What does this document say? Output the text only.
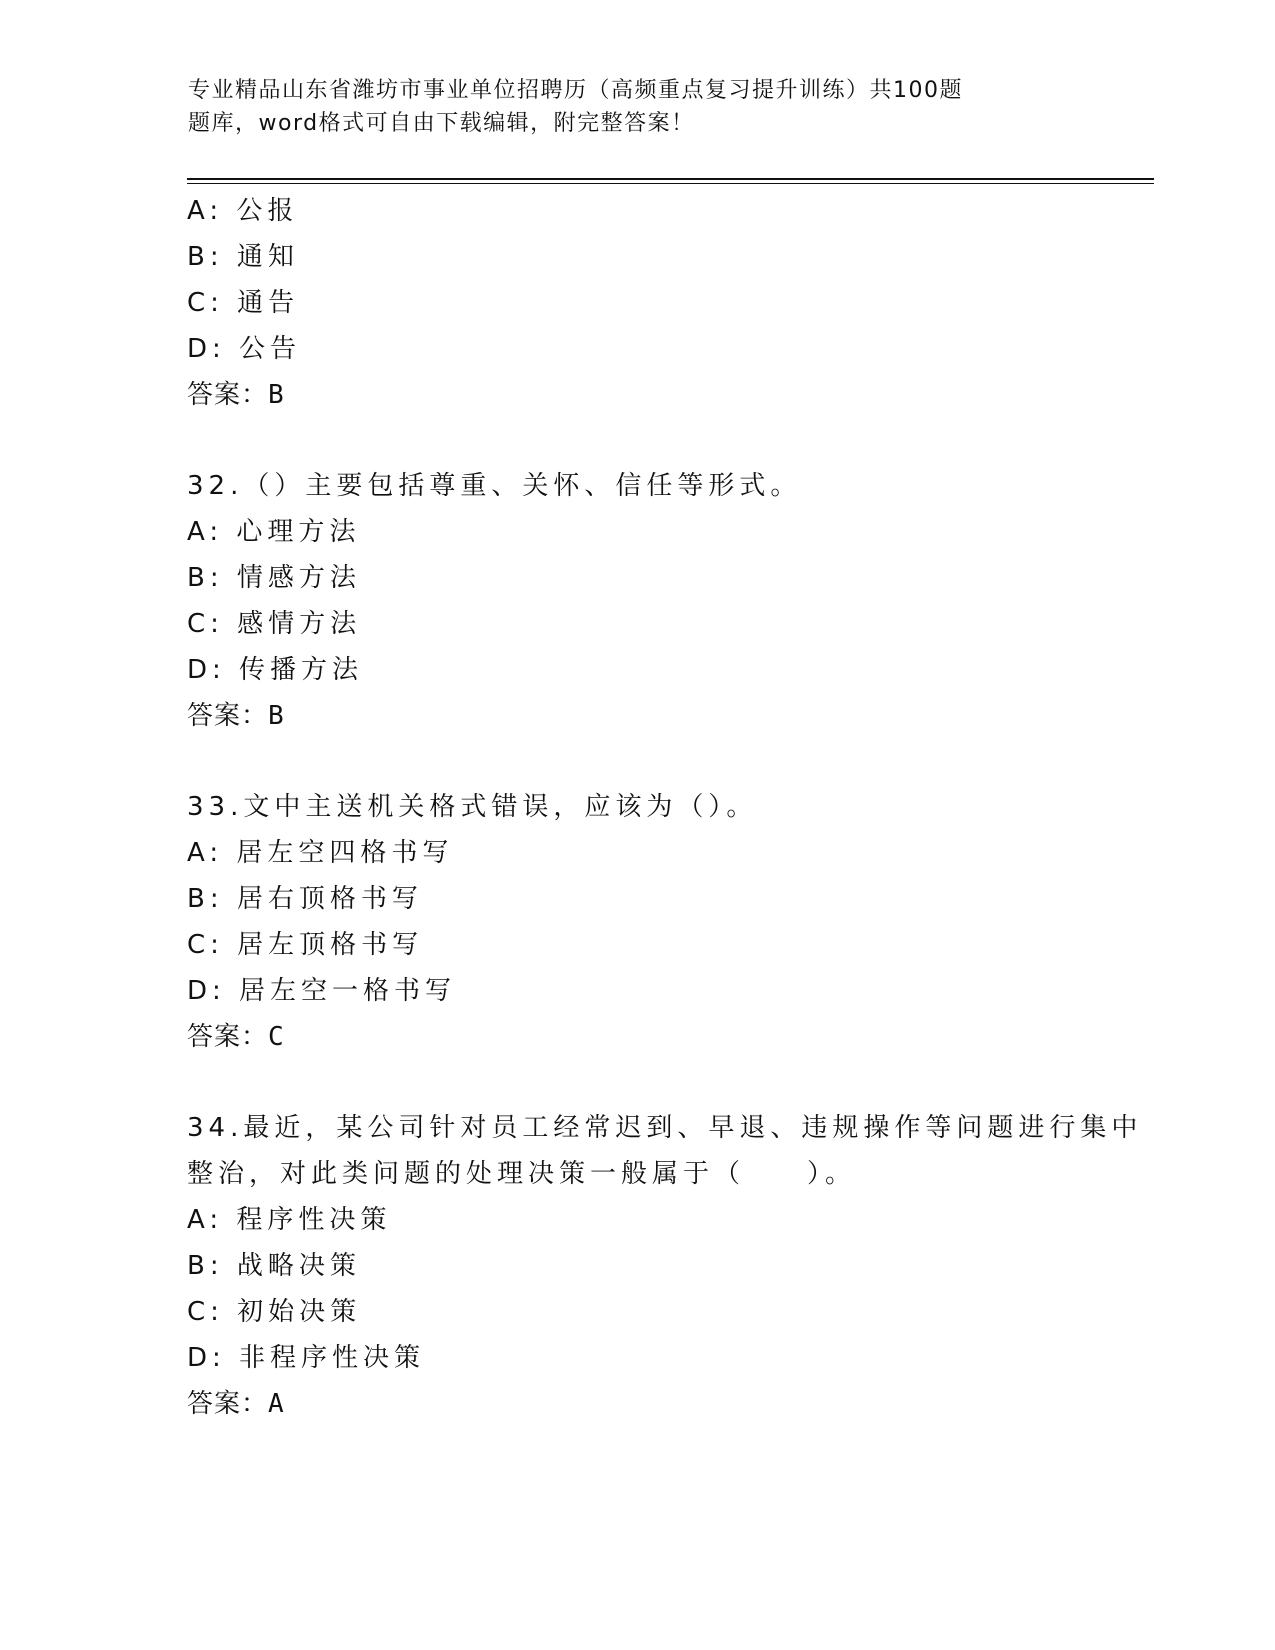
专业精品山东省潍坊市事业单位招聘历（高频重点复习提升训练）共100题
题库，word格式可自由下载编辑，附完整答案！
A: 公报
B: 通知
C: 通告
D: 公告
答案：B
32.（）主要包括尊重、关怀、信任等形式。
A: 心理方法
B: 情感方法
C: 感情方法
D: 传播方法
答案：B
33.文中主送机关格式错误，应该为（）。
A: 居左空四格书写
B: 居右顶格书写
C: 居左顶格书写
D: 居左空一格书写
答案：C
34.最近，某公司针对员工经常迟到、早退、违规操作等问题进行集中
整治，对此类问题的处理决策一般属于（　　）。
A: 程序性决策
B: 战略决策
C: 初始决策
D: 非程序性决策
答案：A
